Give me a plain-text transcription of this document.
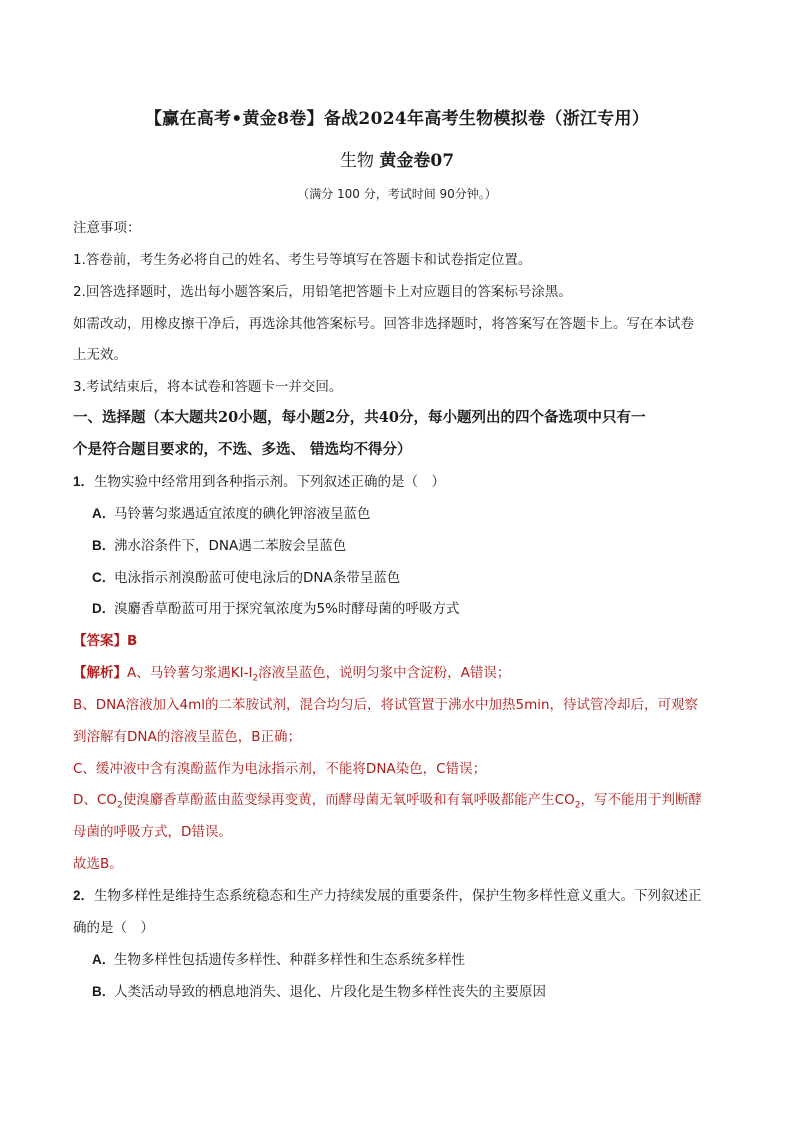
【赢在高考•黄金8卷】备战2024年高考生物模拟卷（浙江专用）
生物 黄金卷07
（满分 100 分，考试时间 90分钟。）
注意事项：
1.答卷前，考生务必将自己的姓名、考生号等填写在答题卡和试卷指定位置。
2.回答选择题时，选出每小题答案后，用铅笔把答题卡上对应题目的答案标号涂黑。
如需改动，用橡皮擦干净后，再选涂其他答案标号。回答非选择题时，将答案写在答题卡上。写在本试卷
上无效。
3.考试结束后，将本试卷和答题卡一并交回。
一、选择题（本大题共20小题，每小题2分，共40分，每小题列出的四个备选项中只有一
个是符合题目要求的，不选、多选、 错选均不得分）
1．生物实验中经常用到各种指示剂。下列叙述正确的是（　）
A．马铃薯匀浆遇适宜浓度的碘化钾溶液呈蓝色
B．沸水浴条件下，DNA遇二苯胺会呈蓝色
C．电泳指示剂溴酚蓝可使电泳后的DNA条带呈蓝色
D．溴麝香草酚蓝可用于探究氧浓度为5%时酵母菌的呼吸方式
【答案】B
【解析】A、马铃薯匀浆遇$KI-I_2$溶液呈蓝色，说明匀浆中含淀粉，A错误；
B、DNA溶液加入4ml的二苯胺试剂，混合均匀后，将试管置于沸水中加热5min，待试管冷却后，可观察
到溶解有DNA的溶液呈蓝色，B正确；
C、缓冲液中含有溴酚蓝作为电泳指示剂，不能将DNA染色，C错误；
D、$CO_2$使溴麝香草酚蓝由蓝变绿再变黄，而酵母菌无氧呼吸和有氧呼吸都能产生$CO_2$，写不能用于判断酵
母菌的呼吸方式，D错误。
故选B。
2．生物多样性是维持生态系统稳态和生产力持续发展的重要条件，保护生物多样性意义重大。下列叙述正
确的是（　）
A．生物多样性包括遗传多样性、种群多样性和生态系统多样性
B．人类活动导致的栖息地消失、退化、片段化是生物多样性丧失的主要原因
